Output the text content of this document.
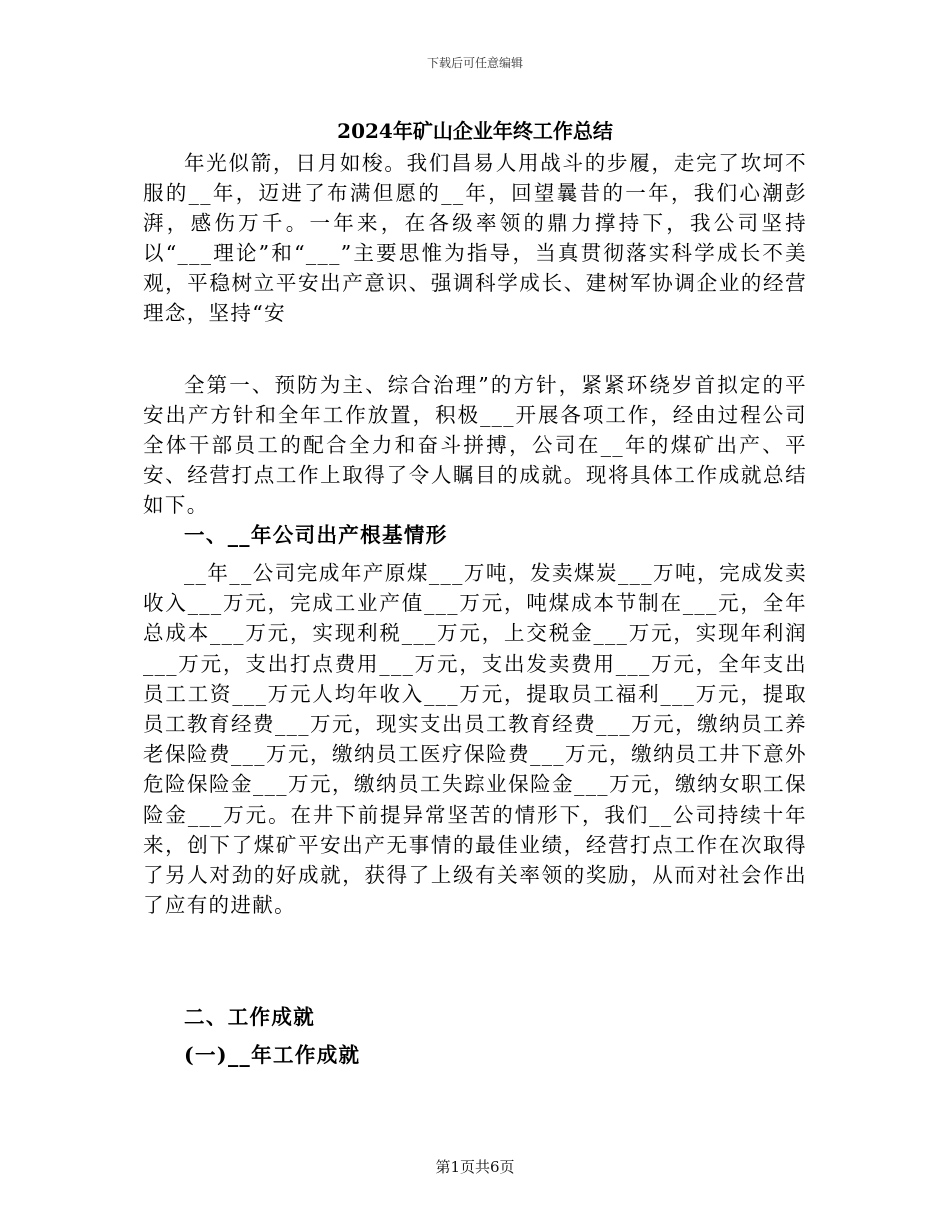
下载后可任意编辑
2024年矿山企业年终工作总结

年光似箭，日月如梭。我们昌易人用战斗的步履，走完了坎坷不服的__年，迈进了布满但愿的__年，回望曩昔的一年，我们心潮彭湃，感伤万千。一年来，在各级率领的鼎力撑持下，我公司坚持以“___理论”和“___”主要思惟为指导，当真贯彻落实科学成长不美观，平稳树立平安出产意识、强调科学成长、建树军协调企业的经营理念，坚持“安

全第一、预防为主、综合治理”的方针，紧紧环绕岁首拟定的平安出产方针和全年工作放置，积极___开展各项工作，经由过程公司全体干部员工的配合全力和奋斗拼搏，公司在__年的煤矿出产、平安、经营打点工作上取得了令人瞩目的成就。现将具体工作成就总结如下。

一、__年公司出产根基情形

__年__公司完成年产原煤___万吨，发卖煤炭___万吨，完成发卖收入___万元，完成工业产值___万元，吨煤成本节制在___元，全年总成本___万元，实现利税___万元，上交税金___万元，实现年利润___万元，支出打点费用___万元，支出发卖费用___万元，全年支出员工工资___万元人均年收入___万元，提取员工福利___万元，提取员工教育经费___万元，现实支出员工教育经费___万元，缴纳员工养老保险费___万元，缴纳员工医疗保险费___万元，缴纳员工井下意外危险保险金___万元，缴纳员工失踪业保险金___万元，缴纳女职工保险金___万元。在井下前提异常坚苦的情形下，我们__公司持续十年来，创下了煤矿平安出产无事情的最佳业绩，经营打点工作在次取得了另人对劲的好成就，获得了上级有关率领的奖励，从而对社会作出了应有的进献。

二、工作成就

(一)__年工作成就

第1页共6页
